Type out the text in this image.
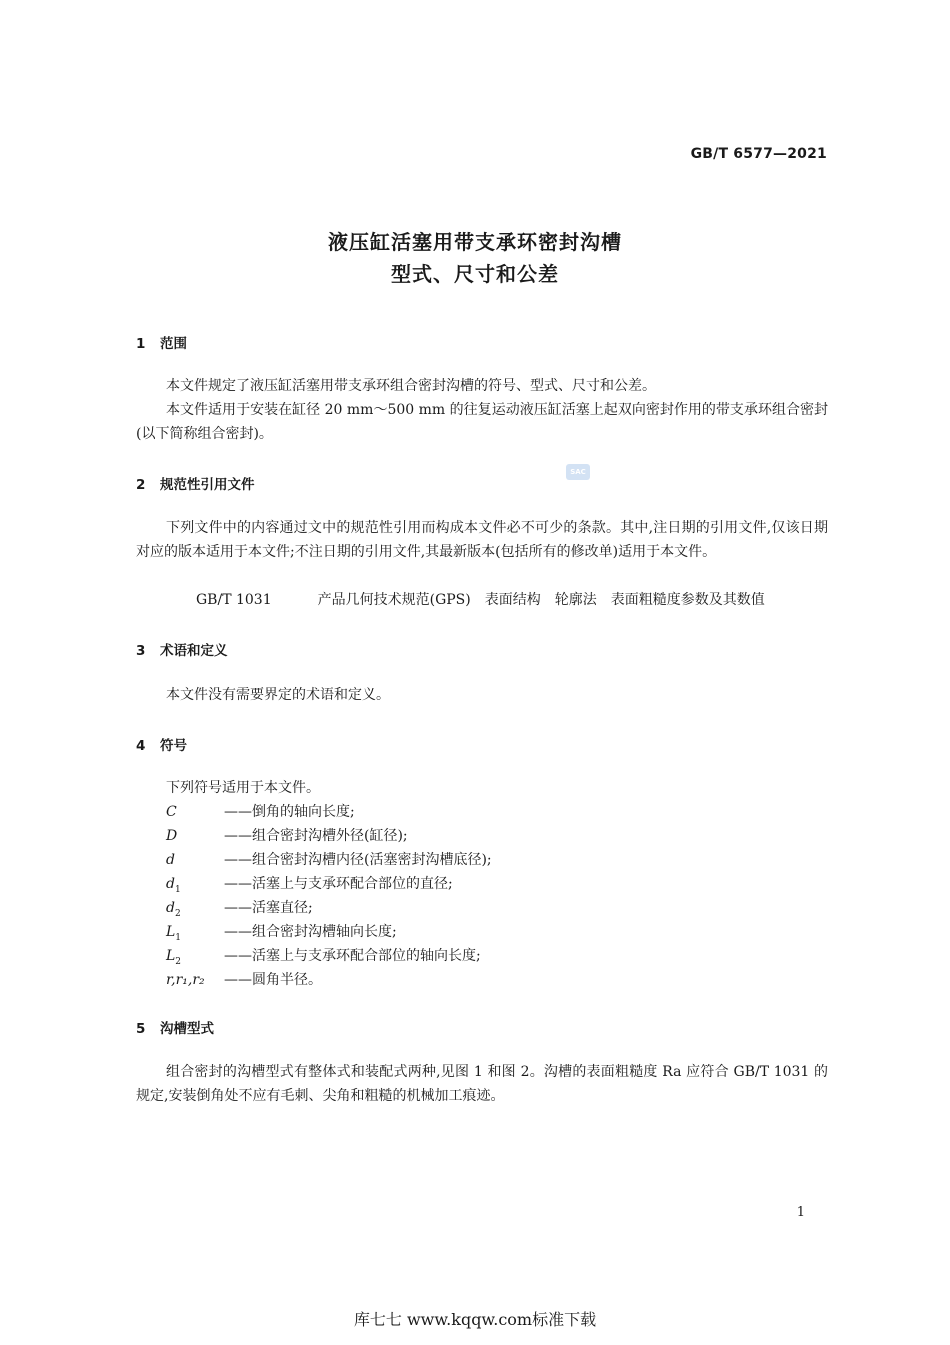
GB/T 6577—2021
液压缸活塞用带支承环密封沟槽
型式、尺寸和公差
1 范围
本文件规定了液压缸活塞用带支承环组合密封沟槽的符号、型式、尺寸和公差。
本文件适用于安装在缸径 20 mm～500 mm 的往复运动液压缸活塞上起双向密封作用的带支承环组合密封(以下简称组合密封)。
SAC
2 规范性引用文件
下列文件中的内容通过文中的规范性引用而构成本文件必不可少的条款。其中,注日期的引用文件,仅该日期对应的版本适用于本文件;不注日期的引用文件,其最新版本(包括所有的修改单)适用于本文件。
GB/T 1031	产品几何技术规范(GPS)　表面结构　轮廓法　表面粗糙度参数及其数值
3 术语和定义
本文件没有需要界定的术语和定义。
4 符号
下列符号适用于本文件。
C	——倒角的轴向长度;
D	——组合密封沟槽外径(缸径);
d	——组合密封沟槽内径(活塞密封沟槽底径);
$d_1$	——活塞上与支承环配合部位的直径;
$d_2$	——活塞直径;
$L_1$	——组合密封沟槽轴向长度;
$L_2$	——活塞上与支承环配合部位的轴向长度;
r,r₁,r₂ ——圆角半径。
5 沟槽型式
组合密封的沟槽型式有整体式和装配式两种,见图 1 和图 2。沟槽的表面粗糙度 Ra 应符合 GB/T 1031 的规定,安装倒角处不应有毛刺、尖角和粗糙的机械加工痕迹。
1
库七七 www.kqqw.com标准下载
